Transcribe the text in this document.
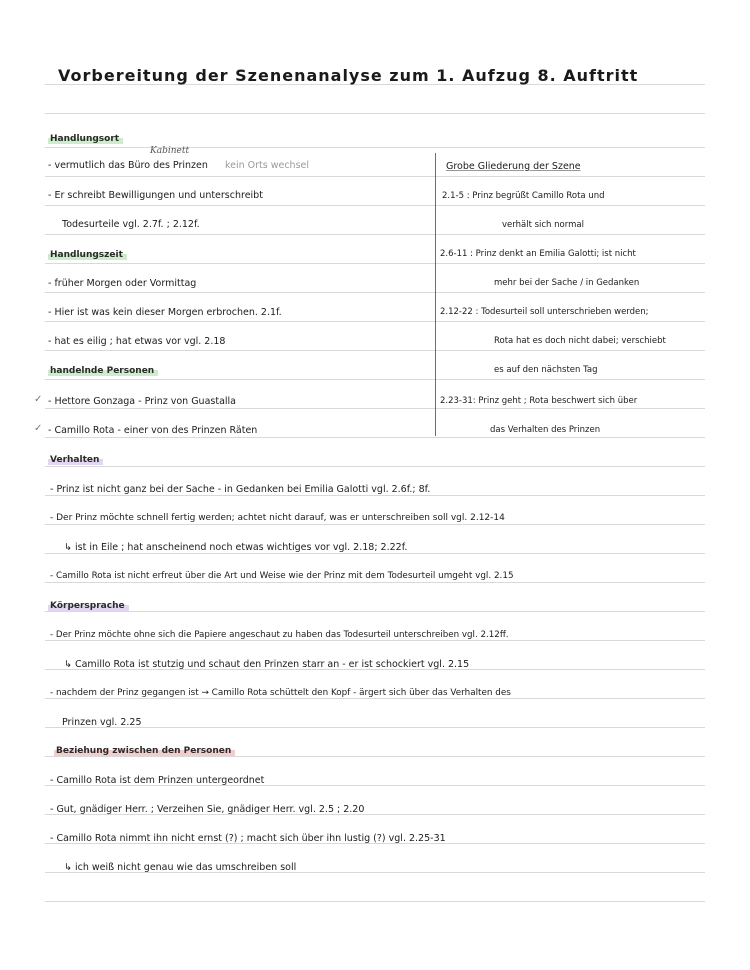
Vorbereitung der Szenenanalyse zum 1. Aufzug 8. Auftritt
Handlungsort
Kabinett
- vermutlich das Büro des Prinzen kein Orts wechsel
- Er schreibt Bewilligungen und unterschreibt
Todesurteile vgl. 2.7f. ; 2.12f.
Handlungszeit
- früher Morgen oder Vormittag
- Hier ist was kein dieser Morgen erbrochen. 2.1f.
- hat es eilig ; hat etwas vor vgl. 2.18
handelnde Personen
✓ - Hettore Gonzaga - Prinz von Guastalla
✓ - Camillo Rota - einer von des Prinzen Räten
Grobe Gliederung der Szene
2.1-5 : Prinz begrüßt Camillo Rota und
verhält sich normal
2.6-11 : Prinz denkt an Emilia Galotti; ist nicht
mehr bei der Sache / in Gedanken
2.12-22 : Todesurteil soll unterschrieben werden;
Rota hat es doch nicht dabei; verschiebt
es auf den nächsten Tag
2.23-31: Prinz geht ; Rota beschwert sich über
das Verhalten des Prinzen
Verhalten
- Prinz ist nicht ganz bei der Sache - in Gedanken bei Emilia Galotti vgl. 2.6f.; 8f.
- Der Prinz möchte schnell fertig werden; achtet nicht darauf, was er unterschreiben soll vgl. 2.12-14
↳ ist in Eile ; hat anscheinend noch etwas wichtiges vor vgl. 2.18; 2.22f.
- Camillo Rota ist nicht erfreut über die Art und Weise wie der Prinz mit dem Todesurteil umgeht vgl. 2.15
Körpersprache
- Der Prinz möchte ohne sich die Papiere angeschaut zu haben das Todesurteil unterschreiben vgl. 2.12ff.
↳ Camillo Rota ist stutzig und schaut den Prinzen starr an - er ist schockiert vgl. 2.15
- nachdem der Prinz gegangen ist → Camillo Rota schüttelt den Kopf - ärgert sich über das Verhalten des
Prinzen vgl. 2.25
Beziehung zwischen den Personen
- Camillo Rota ist dem Prinzen untergeordnet
- Gut, gnädiger Herr. ; Verzeihen Sie, gnädiger Herr. vgl. 2.5 ; 2.20
- Camillo Rota nimmt ihn nicht ernst (?) ; macht sich über ihn lustig (?) vgl. 2.25-31
↳ ich weiß nicht genau wie das umschreiben soll
